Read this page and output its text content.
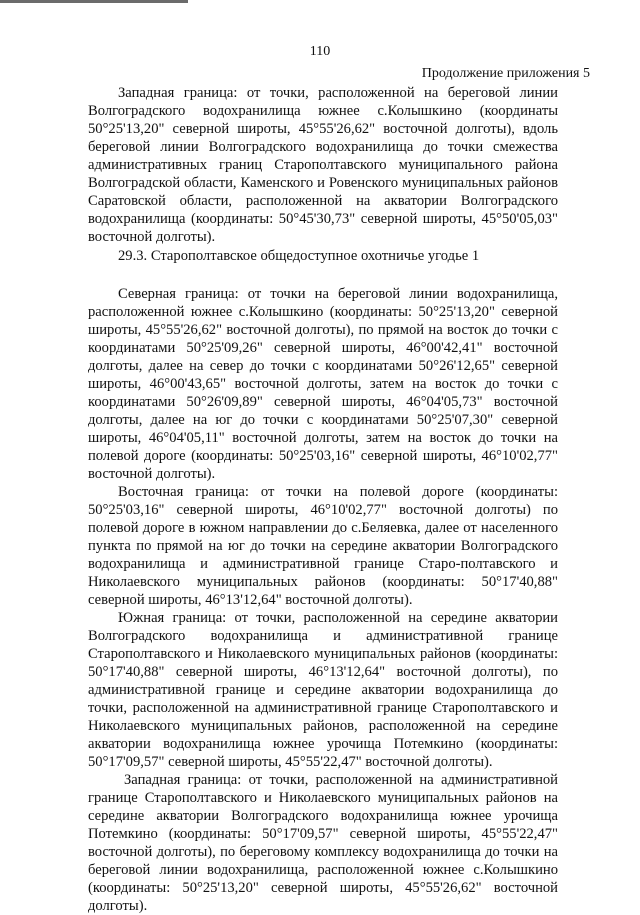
110
Продолжение приложения 5

Западная граница: от точки, расположенной на береговой линии Волгоградского водохранилища южнее с.Колышкино (координаты 50°25'13,20" северной широты, 45°55'26,62" восточной долготы), вдоль береговой линии Волгоградского водохранилища до точки смежества административных границ Старополтавского муниципального района Волгоградской области, Каменского и Ровенского муниципальных районов Саратовской области, расположенной на акватории Волгоградского водохранилища (координаты: 50°45'30,73" северной широты, 45°50'05,03" восточной долготы).

29.3. Старополтавское общедоступное охотничье угодье 1

Северная граница: от точки на береговой линии водохранилища, расположенной южнее с.Колышкино (координаты: 50°25'13,20" северной широты, 45°55'26,62" восточной долготы), по прямой на восток до точки с координатами 50°25'09,26" северной широты, 46°00'42,41" восточной долготы, далее на север до точки с координатами 50°26'12,65" северной широты, 46°00'43,65" восточной долготы, затем на восток до точки с координатами 50°26'09,89" северной широты, 46°04'05,73" восточной долготы, далее на юг до точки с координатами 50°25'07,30" северной широты, 46°04'05,11" восточной долготы, затем на восток до точки на полевой дороге (координаты: 50°25'03,16" северной широты, 46°10'02,77" восточной долготы).

Восточная граница: от точки на полевой дороге (координаты: 50°25'03,16" северной широты, 46°10'02,77" восточной долготы) по полевой дороге в южном направлении до с.Беляевка, далее от населенного пункта по прямой на юг до точки на середине акватории Волгоградского водохранилища и административной границе Старо-полтавского и Николаевского муниципальных районов (координаты: 50°17'40,88" северной широты, 46°13'12,64" восточной долготы).

Южная граница: от точки, расположенной на середине акватории Волгоградского водохранилища и административной границе Старополтавского и Николаевского муниципальных районов (координаты: 50°17'40,88" северной широты, 46°13'12,64" восточной долготы), по административной границе и середине акватории водохранилища до точки, расположенной на административной границе Старополтавского и Николаевского муниципальных районов, расположенной на середине акватории водохранилища южнее урочища Потемкино (координаты: 50°17'09,57" северной широты, 45°55'22,47" восточной долготы).

Западная граница: от точки, расположенной на административной границе Старополтавского и Николаевского муниципальных районов на середине акватории Волгоградского водохранилища южнее урочища Потемкино (координаты: 50°17'09,57" северной широты, 45°55'22,47" восточной долготы), по береговому комплексу водохранилища до точки на береговой линии водохранилища, расположенной южнее с.Колышкино (координаты: 50°25'13,20" северной широты, 45°55'26,62" восточной долготы).
